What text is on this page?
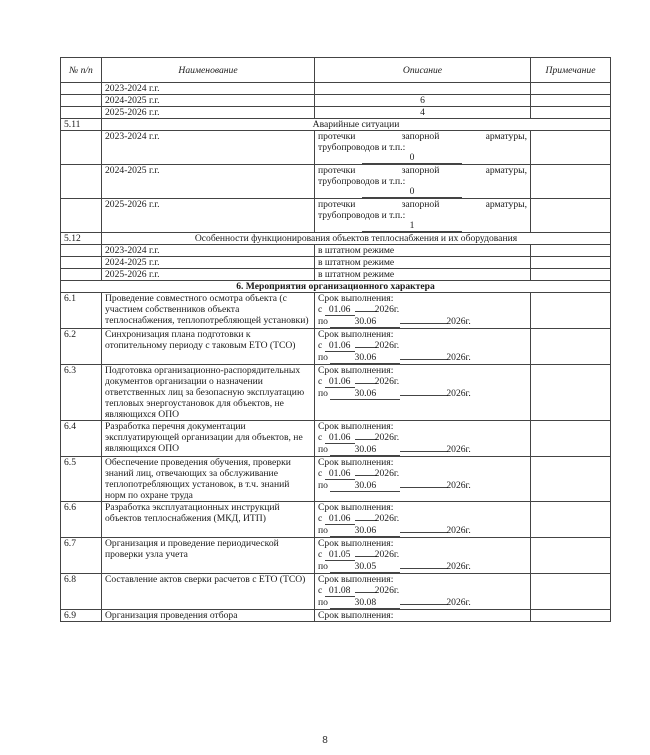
№ п/п	Наименование	Описание	Примечание
	2023-2024 г.г.		
	2024-2025 г.г.	6	
	2025-2026 г.г.	4	
5.11	Аварийные ситуации		
	2023-2024 г.г.	протечки запорной арматуры,
трубопроводов и т.п.:
0	

	2024-2025 г.г.	протечки запорной арматуры,
трубопроводов и т.п.:
0	

	2025-2026 г.г.	протечки запорной арматуры,
трубопроводов и т.п.:
1	

5.12	Особенности функционирования объектов теплоснабжения и их оборудования		
	2023-2024 г.г.	в штатном режиме	
	2024-2025 г.г.	в штатном режиме	
	2025-2026 г.г.	в штатном режиме	
6. Мероприятия организационного характера			
6.1	Проведение совместного осмотра объекта (с участием собственников объекта теплоснабжения, теплопотребляющей установки)	Срок выполнения:
с 01.06 2026г.
по 30.06 2026г.	

6.2	Синхронизация плана подготовки к отопительному периоду с таковым ЕТО (ТСО)	Срок выполнения:
с 01.06 2026г.
по 30.06 2026г.	

6.3	Подготовка организационно-распорядительных документов организации о назначении ответственных лиц за безопасную эксплуатацию тепловых энергоустановок для объектов, не являющихся ОПО	Срок выполнения:
с 01.06 2026г.
по 30.06 2026г.	

6.4	Разработка перечня документации эксплуатирующей организации для объектов, не являющихся ОПО	Срок выполнения:
с 01.06 2026г.
по 30.06 2026г.	

6.5	Обеспечение проведения обучения, проверки знаний лиц, отвечающих за обслуживание теплопотребляющих установок, в т.ч. знаний норм по охране труда	Срок выполнения:
с 01.06 2026г.
по 30.06 2026г.	

6.6	Разработка эксплуатационных инструкций объектов теплоснабжения (МКД, ИТП)	Срок выполнения:
с 01.06 2026г.
по 30.06 2026г.	

6.7	Организация и проведение периодической проверки узла учета	Срок выполнения:
с 01.05 2026г.
по 30.05 2026г.	

6.8	Составление актов сверки расчетов с ЕТО (ТСО)	Срок выполнения:
с 01.08 2026г.
по 30.08 2026г.	

6.9	Организация проведения отбора	Срок выполнения:	
8
